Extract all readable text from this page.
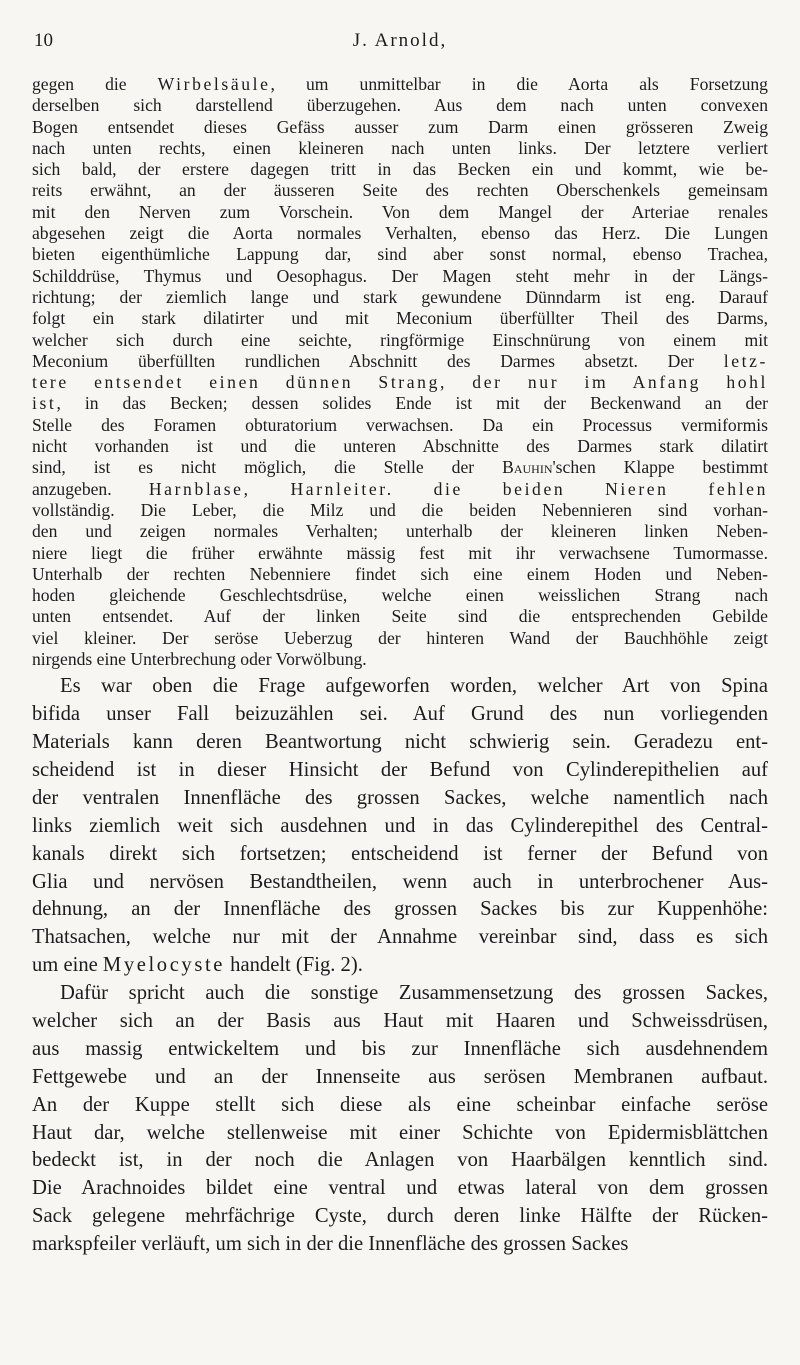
10	J. Arnold,
gegen die Wirbelsäule, um unmittelbar in die Aorta als Forsetzung
derselben sich darstellend überzugehen. Aus dem nach unten convexen
Bogen entsendet dieses Gefäss ausser zum Darm einen grösseren Zweig
nach unten rechts, einen kleineren nach unten links. Der letztere verliert
sich bald, der erstere dagegen tritt in das Becken ein und kommt, wie be-
reits erwähnt, an der äusseren Seite des rechten Oberschenkels gemeinsam
mit den Nerven zum Vorschein. Von dem Mangel der Arteriae renales
abgesehen zeigt die Aorta normales Verhalten, ebenso das Herz. Die Lungen
bieten eigenthümliche Lappung dar, sind aber sonst normal, ebenso Trachea,
Schilddrüse, Thymus und Oesophagus. Der Magen steht mehr in der Längs-
richtung; der ziemlich lange und stark gewundene Dünndarm ist eng. Darauf
folgt ein stark dilatirter und mit Meconium überfüllter Theil des Darms,
welcher sich durch eine seichte, ringförmige Einschnürung von einem mit
Meconium überfüllten rundlichen Abschnitt des Darmes absetzt. Der letz-
tere entsendet einen dünnen Strang, der nur im Anfang hohl
ist, in das Becken; dessen solides Ende ist mit der Beckenwand an der
Stelle des Foramen obturatorium verwachsen. Da ein Processus vermiformis
nicht vorhanden ist und die unteren Abschnitte des Darmes stark dilatirt
sind, ist es nicht möglich, die Stelle der Bauhin'schen Klappe bestimmt
anzugeben. Harnblase, Harnleiter. die beiden Nieren fehlen
vollständig. Die Leber, die Milz und die beiden Nebennieren sind vorhan-
den und zeigen normales Verhalten; unterhalb der kleineren linken Neben-
niere liegt die früher erwähnte mässig fest mit ihr verwachsene Tumormasse.
Unterhalb der rechten Nebenniere findet sich eine einem Hoden und Neben-
hoden gleichende Geschlechtsdrüse, welche einen weisslichen Strang nach
unten entsendet. Auf der linken Seite sind die entsprechenden Gebilde
viel kleiner. Der seröse Ueberzug der hinteren Wand der Bauchhöhle zeigt
nirgends eine Unterbrechung oder Vorwölbung.
Es war oben die Frage aufgeworfen worden, welcher Art von Spina
bifida unser Fall beizuzählen sei. Auf Grund des nun vorliegenden
Materials kann deren Beantwortung nicht schwierig sein. Geradezu ent-
scheidend ist in dieser Hinsicht der Befund von Cylinderepithelien auf
der ventralen Innenfläche des grossen Sackes, welche namentlich nach
links ziemlich weit sich ausdehnen und in das Cylinderepithel des Central-
kanals direkt sich fortsetzen; entscheidend ist ferner der Befund von
Glia und nervösen Bestandtheilen, wenn auch in unterbrochener Aus-
dehnung, an der Innenfläche des grossen Sackes bis zur Kuppenhöhe:
Thatsachen, welche nur mit der Annahme vereinbar sind, dass es sich
um eine Myelocyste handelt (Fig. 2).
Dafür spricht auch die sonstige Zusammensetzung des grossen Sackes,
welcher sich an der Basis aus Haut mit Haaren und Schweissdrüsen,
aus massig entwickeltem und bis zur Innenfläche sich ausdehnendem
Fettgewebe und an der Innenseite aus serösen Membranen aufbaut.
An der Kuppe stellt sich diese als eine scheinbar einfache seröse
Haut dar, welche stellenweise mit einer Schichte von Epidermisblättchen
bedeckt ist, in der noch die Anlagen von Haarbälgen kenntlich sind.
Die Arachnoides bildet eine ventral und etwas lateral von dem grossen
Sack gelegene mehrfächrige Cyste, durch deren linke Hälfte der Rücken-
markspfeiler verläuft, um sich in der die Innenfläche des grossen Sackes
